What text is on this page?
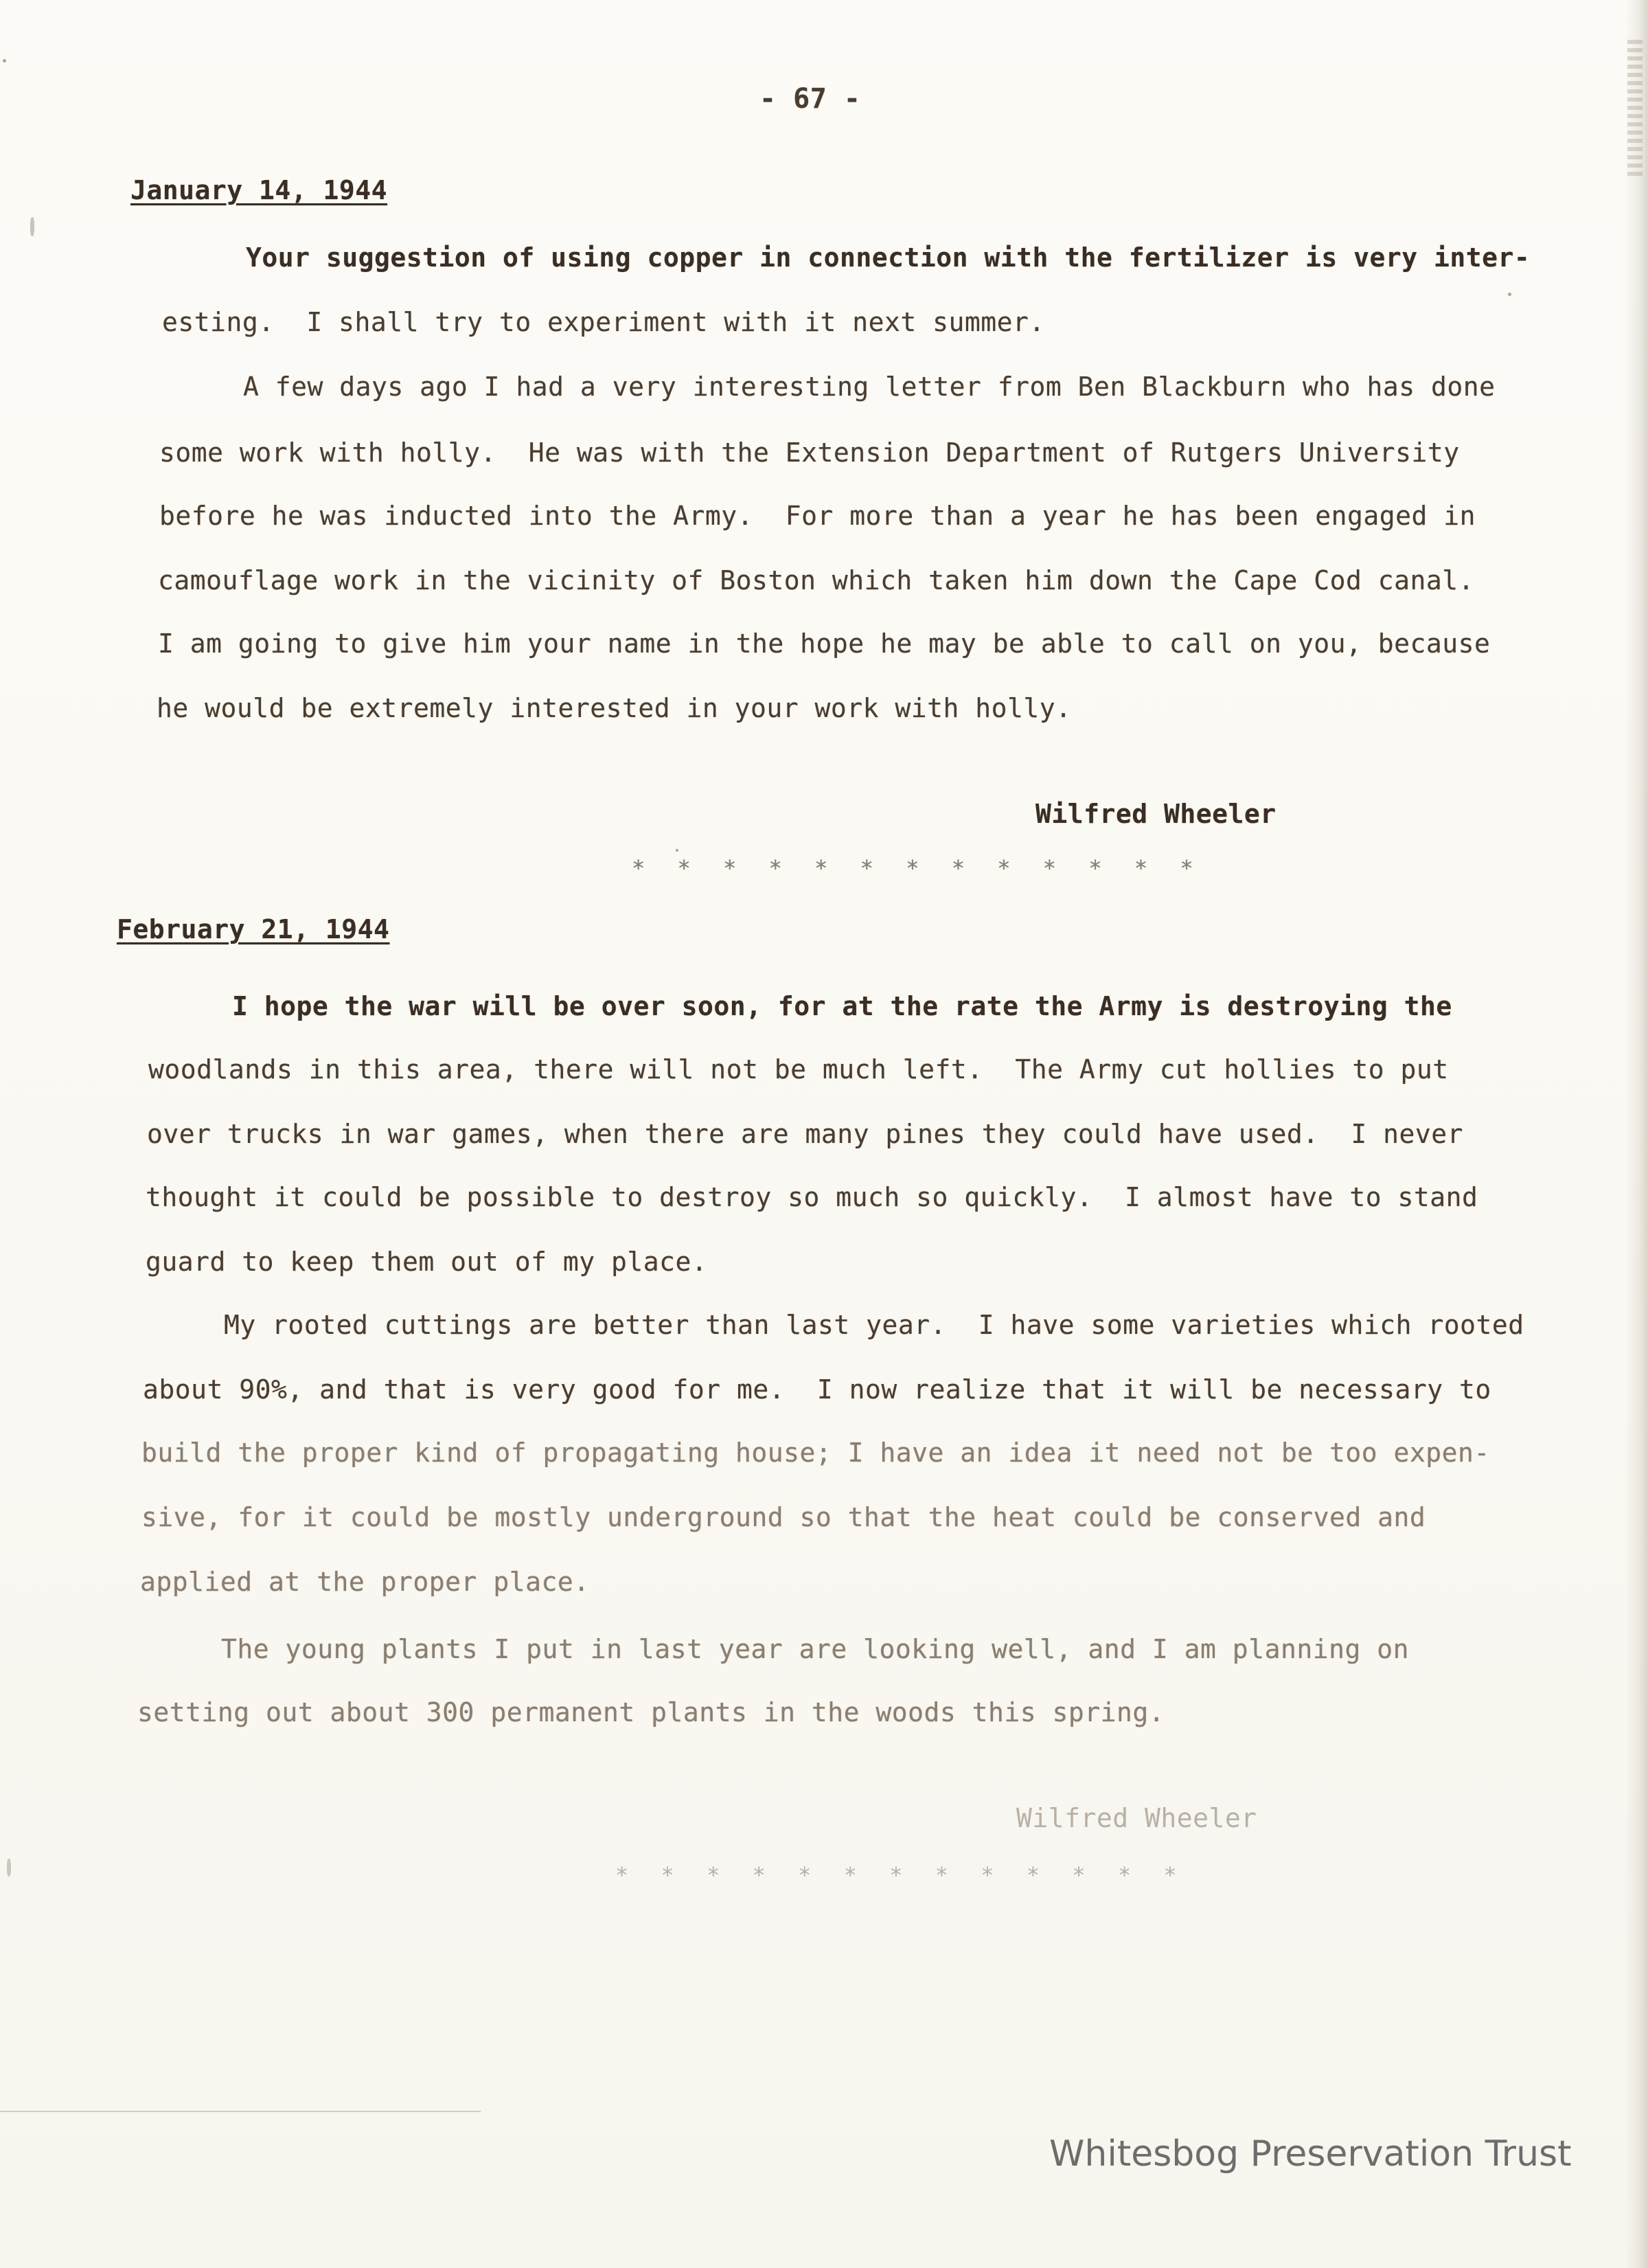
- 67 -
January 14, 1944
Your suggestion of using copper in connection with the fertilizer is very inter-
esting.  I shall try to experiment with it next summer.
A few days ago I had a very interesting letter from Ben Blackburn who has done
some work with holly.  He was with the Extension Department of Rutgers University
before he was inducted into the Army.  For more than a year he has been engaged in
camouflage work in the vicinity of Boston which taken him down the Cape Cod canal.
I am going to give him your name in the hope he may be able to call on you, because
he would be extremely interested in your work with holly.
Wilfred Wheeler
* * * * * * * * * * * * *
February 21, 1944
I hope the war will be over soon, for at the rate the Army is destroying the
woodlands in this area, there will not be much left.  The Army cut hollies to put
over trucks in war games, when there are many pines they could have used.  I never
thought it could be possible to destroy so much so quickly.  I almost have to stand
guard to keep them out of my place.
My rooted cuttings are better than last year.  I have some varieties which rooted
about 90%, and that is very good for me.  I now realize that it will be necessary to
build the proper kind of propagating house; I have an idea it need not be too expen-
sive, for it could be mostly underground so that the heat could be conserved and
applied at the proper place.
The young plants I put in last year are looking well, and I am planning on
setting out about 300 permanent plants in the woods this spring.
Wilfred Wheeler
* * * * * * * * * * * * *
Whitesbog Preservation Trust
